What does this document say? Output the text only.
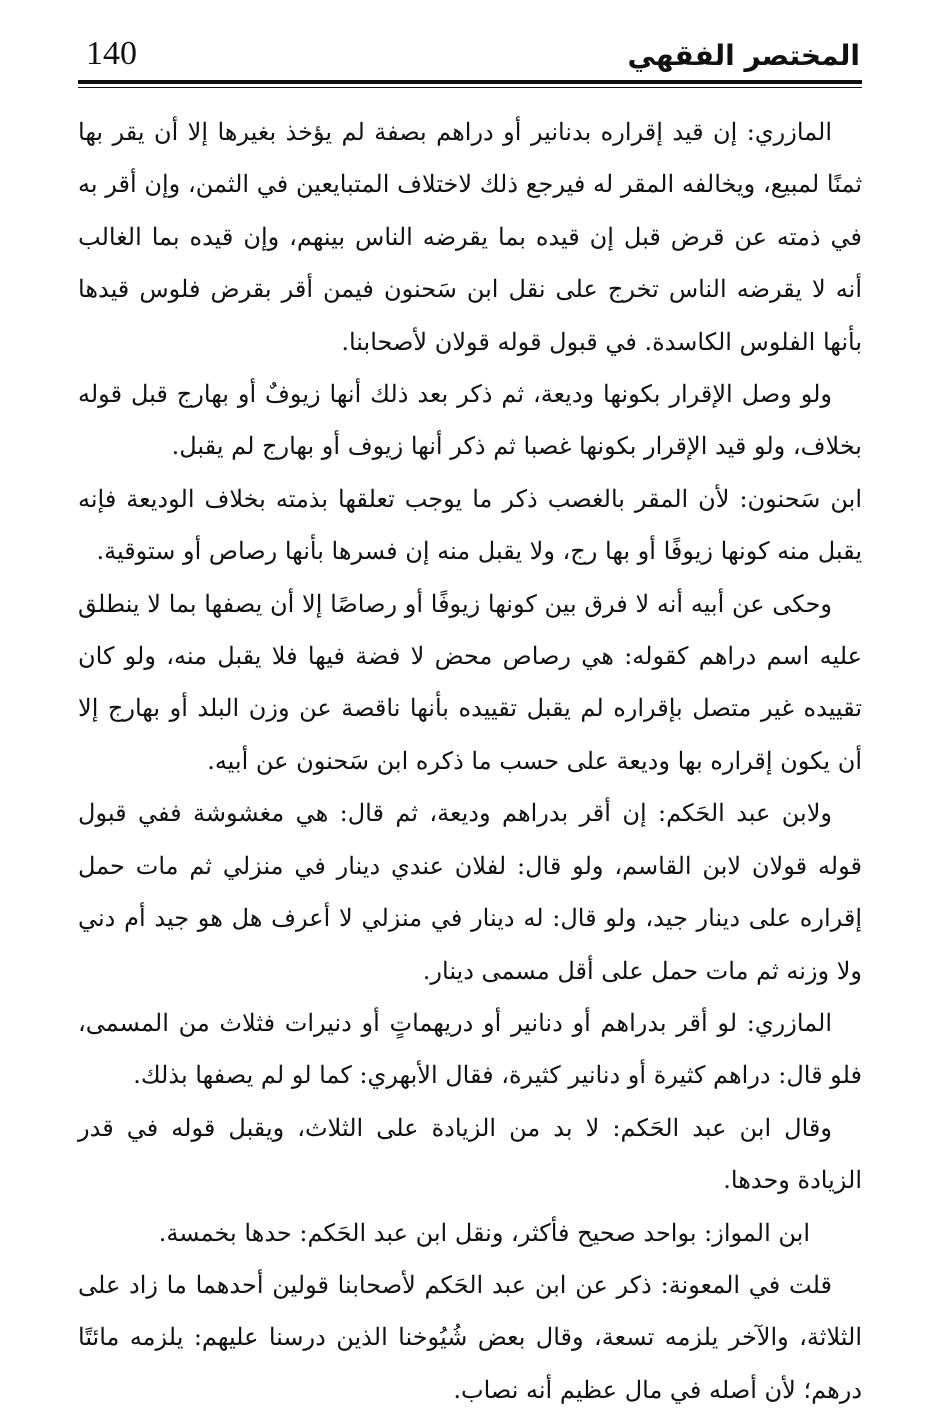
140	المختصر الفقهي

المازري: إن قيد إقراره بدنانير أو دراهم بصفة لم يؤخذ بغيرها إلا أن يقر بها ثمنًا لمبيع، ويخالفه المقر له فيرجع ذلك لاختلاف المتبايعين في الثمن، وإن أقر به في ذمته عن قرض قبل إن قيده بما يقرضه الناس بينهم، وإن قيده بما الغالب أنه لا يقرضه الناس تخرج على نقل ابن سَحنون فيمن أقر بقرض فلوس قيدها بأنها الفلوس الكاسدة. في قبول قوله قولان لأصحابنا.

ولو وصل الإقرار بكونها وديعة، ثم ذكر بعد ذلك أنها زيوفٌ أو بهارج قبل قوله بخلاف، ولو قيد الإقرار بكونها غصبا ثم ذكر أنها زيوف أو بهارج لم يقبل.

ابن سَحنون: لأن المقر بالغصب ذكر ما يوجب تعلقها بذمته بخلاف الوديعة فإنه يقبل منه كونها زيوفًا أو بها رج، ولا يقبل منه إن فسرها بأنها رصاص أو ستوقية.

وحكى عن أبيه أنه لا فرق بين كونها زيوفًا أو رصاصًا إلا أن يصفها بما لا ينطلق عليه اسم دراهم كقوله: هي رصاص محض لا فضة فيها فلا يقبل منه، ولو كان تقييده غير متصل بإقراره لم يقبل تقييده بأنها ناقصة عن وزن البلد أو بهارج إلا أن يكون إقراره بها وديعة على حسب ما ذكره ابن سَحنون عن أبيه.

ولابن عبد الحَكم: إن أقر بدراهم وديعة، ثم قال: هي مغشوشة ففي قبول قوله قولان لابن القاسم، ولو قال: لفلان عندي دينار في منزلي ثم مات حمل إقراره على دينار جيد، ولو قال: له دينار في منزلي لا أعرف هل هو جيد أم دني ولا وزنه ثم مات حمل على أقل مسمى دينار.

المازري: لو أقر بدراهم أو دنانير أو دريهماتٍ أو دنيرات فثلاث من المسمى، فلو قال: دراهم كثيرة أو دنانير كثيرة، فقال الأبهري: كما لو لم يصفها بذلك.

وقال ابن عبد الحَكم: لا بد من الزيادة على الثلاث، ويقبل قوله في قدر الزيادة وحدها.

ابن المواز: بواحد صحيح فأكثر، ونقل ابن عبد الحَكم: حدها بخمسة.

قلت في المعونة: ذكر عن ابن عبد الحَكم لأصحابنا قولين أحدهما ما زاد على الثلاثة، والآخر يلزمه تسعة، وقال بعض شُيُوخنا الذين درسنا عليهم: يلزمه مائتًا درهم؛ لأن أصله في مال عظيم أنه نصاب.
